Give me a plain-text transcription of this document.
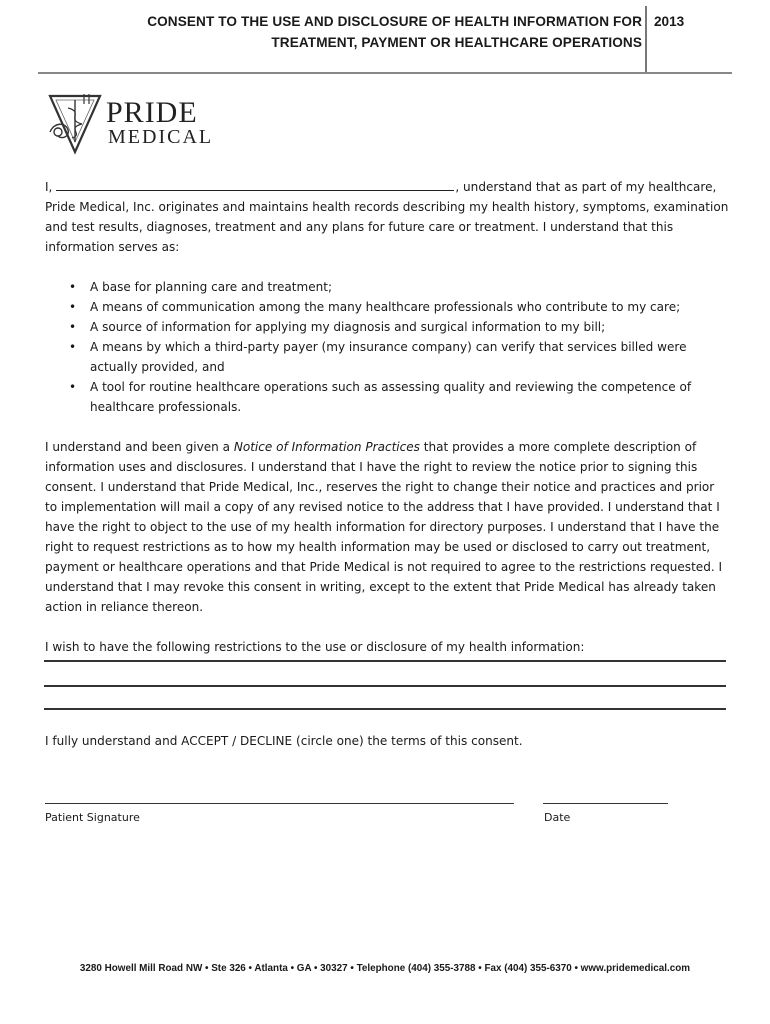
CONSENT TO THE USE AND DISCLOSURE OF HEALTH INFORMATION FOR
TREATMENT, PAYMENT OR HEALTHCARE OPERATIONS
2013
PRIDE
MEDICAL
I,	, understand that as part of my healthcare,

Pride Medical, Inc. originates and maintains health records describing my health history, symptoms, examination and test results, diagnoses, treatment and any plans for future care or treatment. I understand that this information serves as:

• A base for planning care and treatment;
• A means of communication among the many healthcare professionals who contribute to my care;
• A source of information for applying my diagnosis and surgical information to my bill;
• A means by which a third-party payer (my insurance company) can verify that services billed were actually provided, and
• A tool for routine healthcare operations such as assessing quality and reviewing the competence of healthcare professionals.

I understand and been given a Notice of Information Practices that provides a more complete description of information uses and disclosures. I understand that I have the right to review the notice prior to signing this consent. I understand that Pride Medical, Inc., reserves the right to change their notice and practices and prior to implementation will mail a copy of any revised notice to the address that I have provided. I understand that I have the right to object to the use of my health information for directory purposes. I understand that I have the right to request restrictions as to how my health information may be used or disclosed to carry out treatment, payment or healthcare operations and that Pride Medical is not required to agree to the restrictions requested. I understand that I may revoke this consent in writing, except to the extent that Pride Medical has already taken action in reliance thereon.

I wish to have the following restrictions to the use or disclosure of my health information:

I fully understand and ACCEPT / DECLINE (circle one) the terms of this consent.
Patient Signature	Date
3280 Howell Mill Road NW • Ste 326 • Atlanta • GA • 30327 • Telephone (404) 355-3788 • Fax (404) 355-6370 • www.pridemedical.com
